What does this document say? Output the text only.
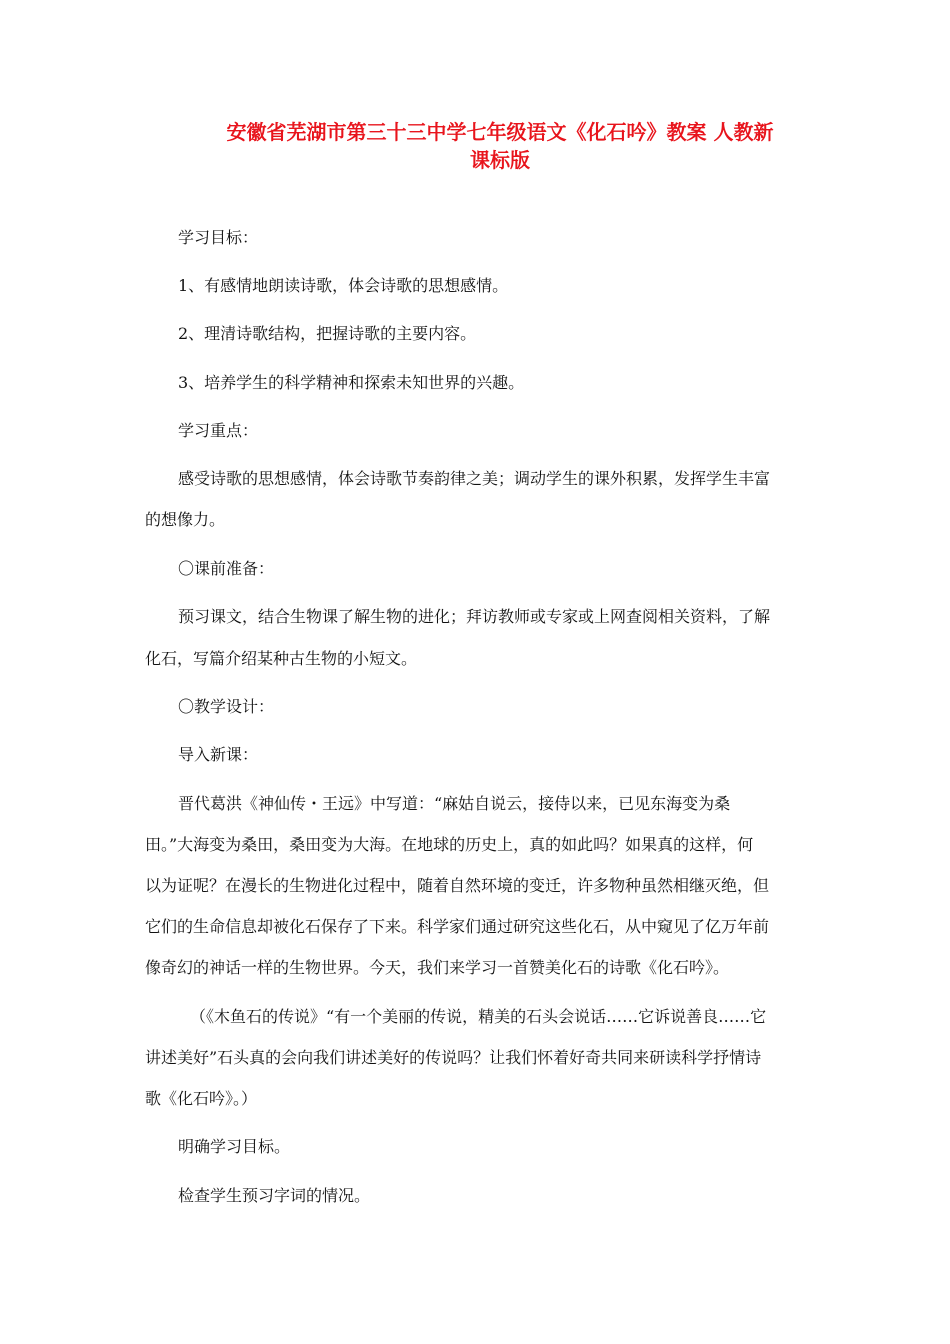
安徽省芜湖市第三十三中学七年级语文《化石吟》教案 人教新
课标版
学习目标：
1、有感情地朗读诗歌，体会诗歌的思想感情。
2、理清诗歌结构，把握诗歌的主要内容。
3、培养学生的科学精神和探索未知世界的兴趣。
学习重点：
感受诗歌的思想感情，体会诗歌节奏韵律之美；调动学生的课外积累，发挥学生丰富
的想像力。
〇课前准备：
预习课文，结合生物课了解生物的进化；拜访教师或专家或上网查阅相关资料，了解
化石，写篇介绍某种古生物的小短文。
〇教学设计：
导入新课：
晋代葛洪《神仙传・王远》中写道：“麻姑自说云，接侍以来，已见东海变为桑
田。”大海变为桑田，桑田变为大海。在地球的历史上，真的如此吗？如果真的这样，何
以为证呢？在漫长的生物进化过程中，随着自然环境的变迁，许多物种虽然相继灭绝，但
它们的生命信息却被化石保存了下来。科学家们通过研究这些化石，从中窥见了亿万年前
像奇幻的神话一样的生物世界。今天，我们来学习一首赞美化石的诗歌《化石吟》。
（《木鱼石的传说》“有一个美丽的传说，精美的石头会说话……它诉说善良……它
讲述美好”石头真的会向我们讲述美好的传说吗？让我们怀着好奇共同来研读科学抒情诗
歌《化石吟》。）
明确学习目标。
检查学生预习字词的情况。
